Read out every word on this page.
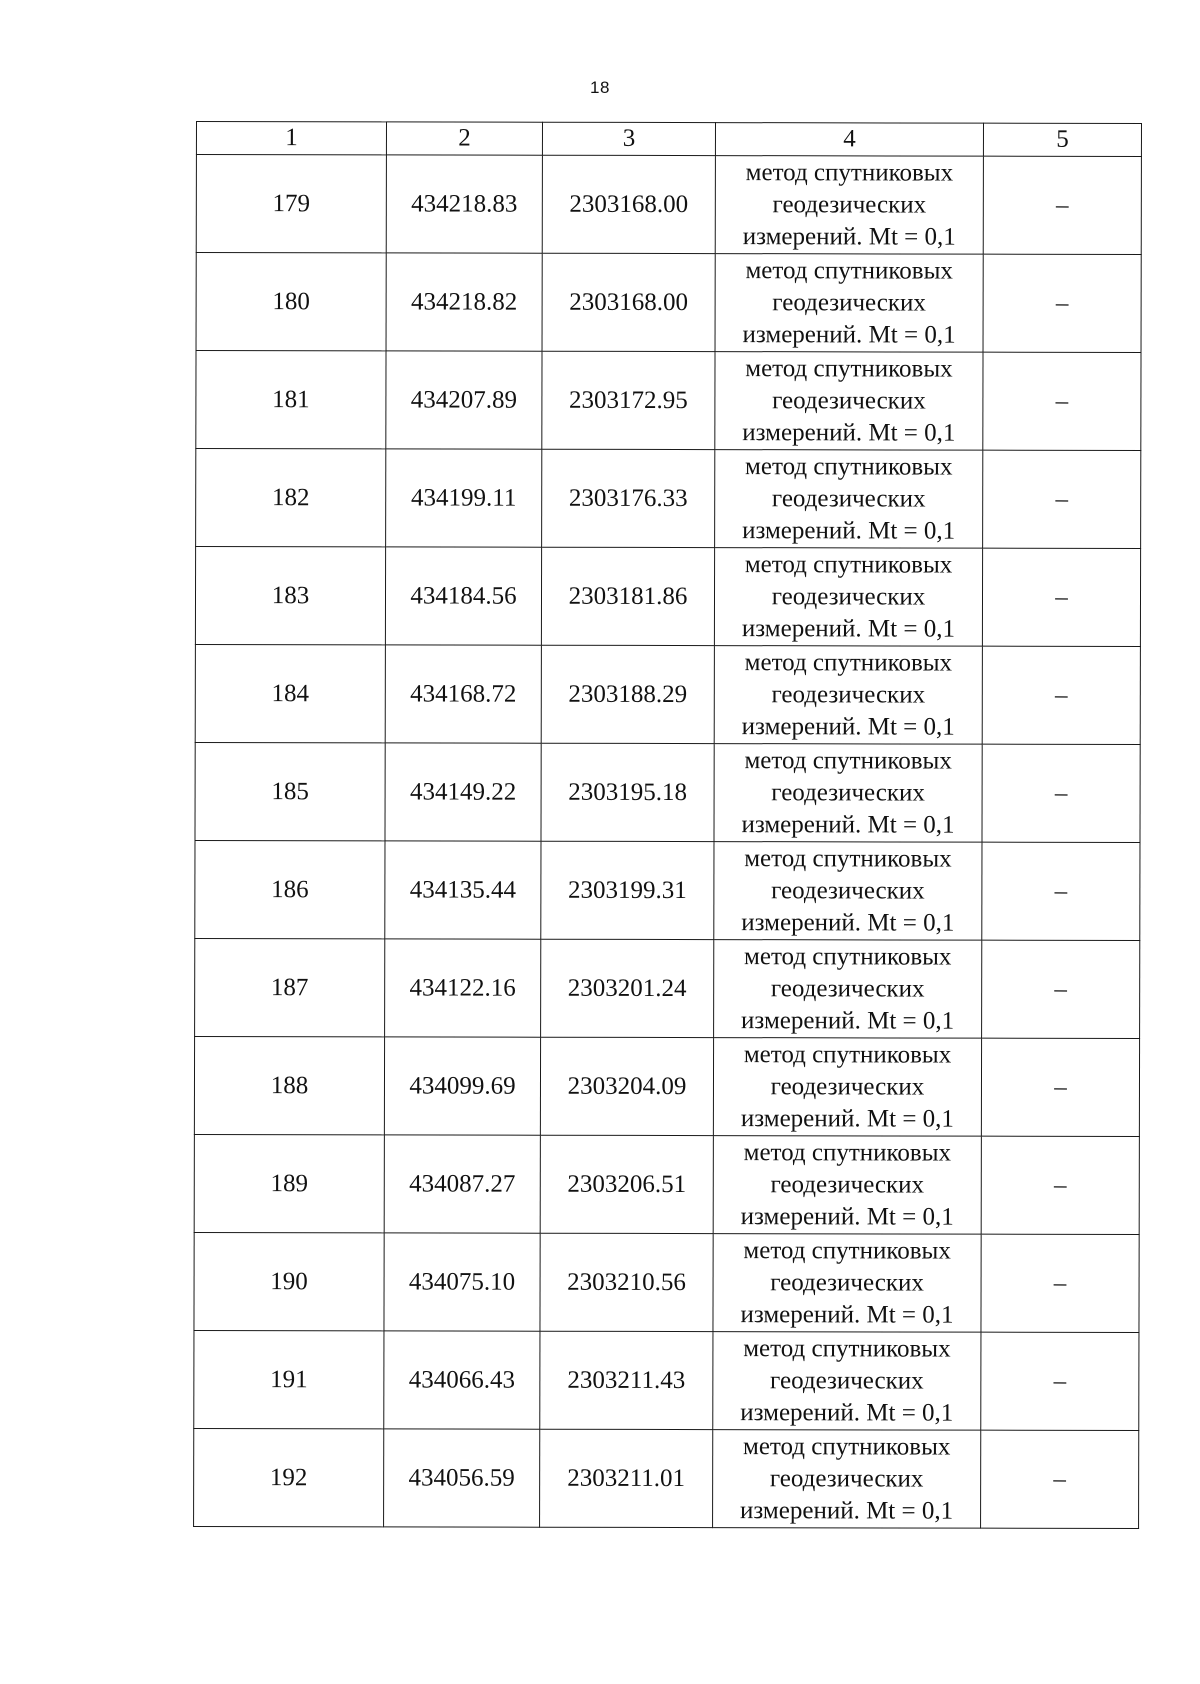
18
1	2	3	4	5
179	434218.83	2303168.00	метод спутниковых
геодезических
измерений. Mt = 0,1	–
180	434218.82	2303168.00	метод спутниковых
геодезических
измерений. Mt = 0,1	–
181	434207.89	2303172.95	метод спутниковых
геодезических
измерений. Mt = 0,1	–
182	434199.11	2303176.33	метод спутниковых
геодезических
измерений. Mt = 0,1	–
183	434184.56	2303181.86	метод спутниковых
геодезических
измерений. Mt = 0,1	–
184	434168.72	2303188.29	метод спутниковых
геодезических
измерений. Mt = 0,1	–
185	434149.22	2303195.18	метод спутниковых
геодезических
измерений. Mt = 0,1	–
186	434135.44	2303199.31	метод спутниковых
геодезических
измерений. Mt = 0,1	–
187	434122.16	2303201.24	метод спутниковых
геодезических
измерений. Mt = 0,1	–
188	434099.69	2303204.09	метод спутниковых
геодезических
измерений. Mt = 0,1	–
189	434087.27	2303206.51	метод спутниковых
геодезических
измерений. Mt = 0,1	–
190	434075.10	2303210.56	метод спутниковых
геодезических
измерений. Mt = 0,1	–
191	434066.43	2303211.43	метод спутниковых
геодезических
измерений. Mt = 0,1	–
192	434056.59	2303211.01	метод спутниковых
геодезических
измерений. Mt = 0,1	–
